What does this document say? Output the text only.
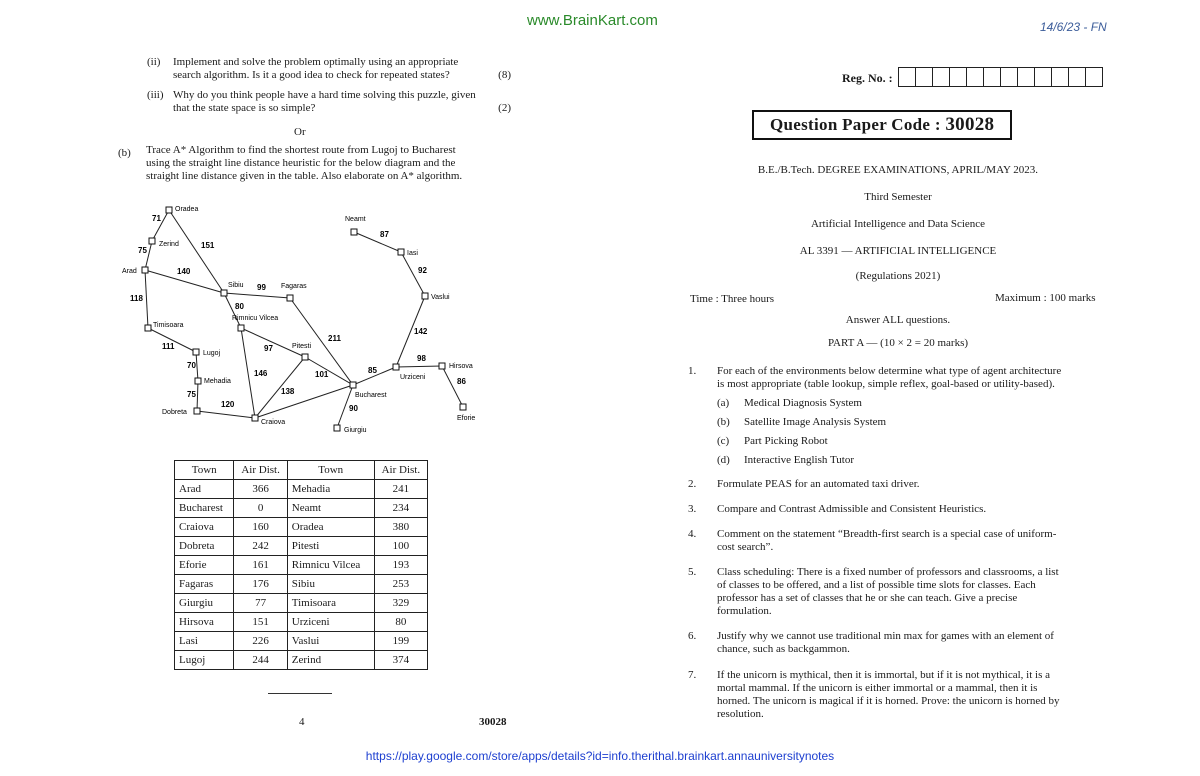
www.BrainKart.com	14/6/23 - FN
(ii) Implement and solve the problem optimally using an appropriate
search algorithm. Is it a good idea to check for repeated states?	(8)
(iii) Why do you think people have a hard time solving this puzzle, given
that the state space is so simple?	(2)
Or
(b) Trace A* Algorithm to find the shortest route from Lugoj to Bucharest
using the straight line distance heuristic for the below diagram and the
straight line distance given in the table. Also elaborate on A* algorithm.
Oradea
Zerind
Arad
Sibiu	Fagaras
Neamt
Iasi
Vaslui
Rimnicu Vilcea
Timisoara
Lugoj
Pitesti
Mehadia
Dobreta
Craiova
Bucharest
Urziceni
Hirsova
Eforie
Giurgiu
71
75
151
140
118
99
80
87
92
142
111	97
211
70
75
146
138
101
120
85
98
86
90
Town	Air Dist.	Town	Air Dist.
Arad	366	Mehadia	241
Bucharest	0	Neamt	234
Craiova	160	Oradea	380
Dobreta	242	Pitesti	100
Eforie	161	Rimnicu Vilcea	193
Fagaras	176	Sibiu	253
Giurgiu	77	Timisoara	329
Hirsova	151	Urziceni	80
Lasi	226	Vaslui	199
Lugoj	244	Zerind	374
4	30028
Reg. No. :
Question Paper Code : 30028
B.E./B.Tech. DEGREE EXAMINATIONS, APRIL/MAY 2023.
Third Semester
Artificial Intelligence and Data Science
AL 3391 — ARTIFICIAL INTELLIGENCE
(Regulations 2021)
Time : Three hours	Maximum : 100 marks
Answer ALL questions.
PART A — (10 × 2 = 20 marks)
1. For each of the environments below determine what type of agent architecture
is most appropriate (table lookup, simple reflex, goal-based or utility-based).
(a) Medical Diagnosis System
(b) Satellite Image Analysis System
(c) Part Picking Robot
(d) Interactive English Tutor
2. Formulate PEAS for an automated taxi driver.
3. Compare and Contrast Admissible and Consistent Heuristics.
4. Comment on the statement “Breadth-first search is a special case of uniform-
cost search”.
5. Class scheduling: There is a fixed number of professors and classrooms, a list
of classes to be offered, and a list of possible time slots for classes. Each
professor has a set of classes that he or she can teach. Give a precise
formulation.
6. Justify why we cannot use traditional min max for games with an element of
chance, such as backgammon.
7. If the unicorn is mythical, then it is immortal, but if it is not mythical, it is a
mortal mammal. If the unicorn is either immortal or a mammal, then it is
horned. The unicorn is magical if it is horned. Prove: the unicorn is horned by
resolution.
https://play.google.com/store/apps/details?id=info.therithal.brainkart.annauniversitynotes
